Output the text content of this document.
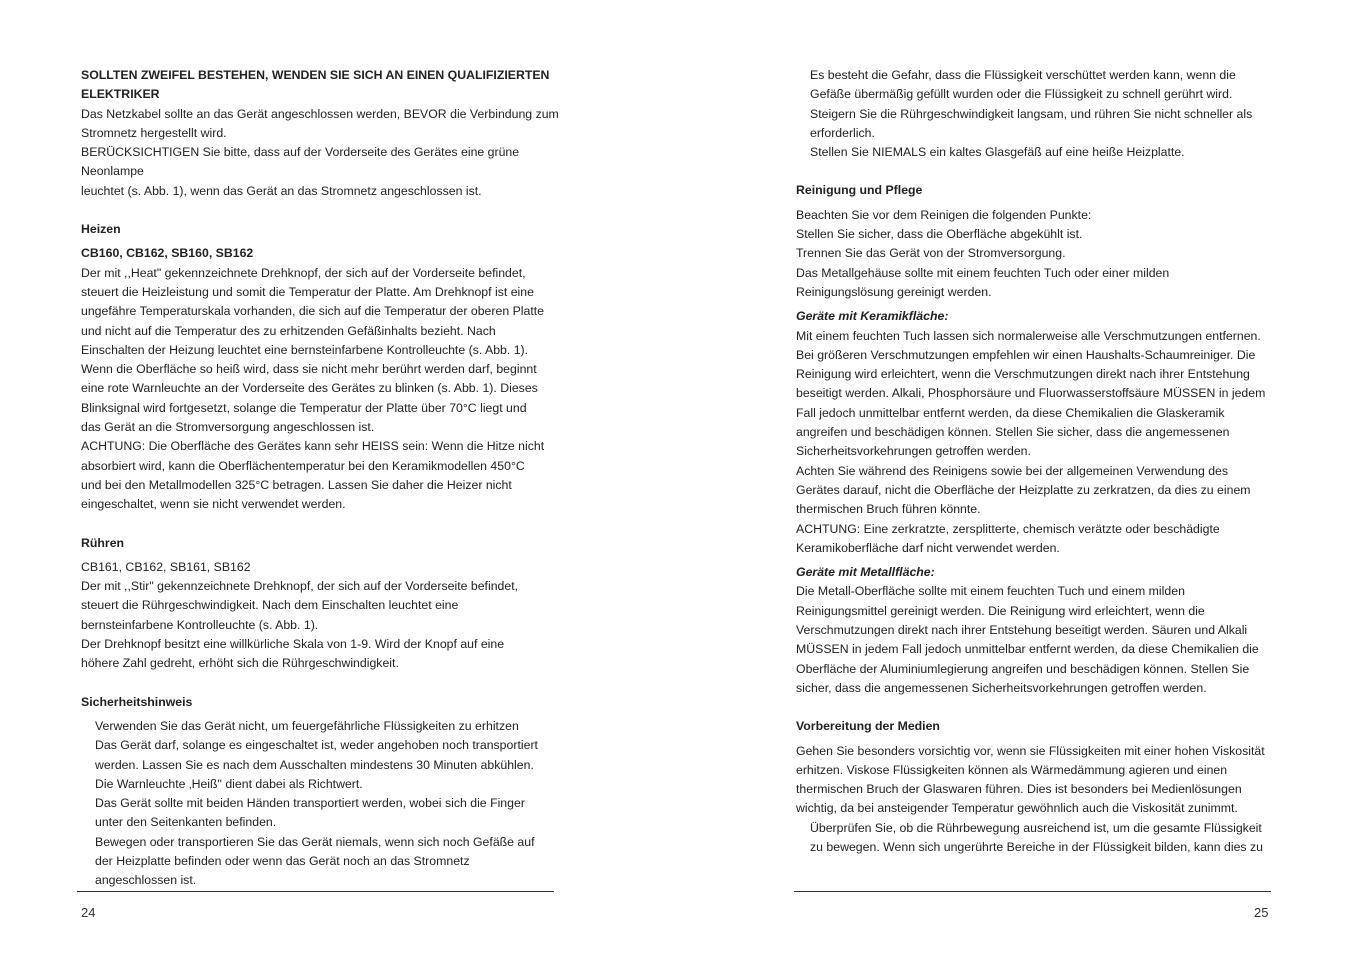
SOLLTEN ZWEIFEL BESTEHEN, WENDEN SIE SICH AN EINEN QUALIFIZIERTEN
ELEKTRIKER
Das Netzkabel sollte an das Gerät angeschlossen werden, BEVOR die Verbindung zum
Stromnetz hergestellt wird.
BERÜCKSICHTIGEN Sie bitte, dass auf der Vorderseite des Gerätes eine grüne Neonlampe
leuchtet (s. Abb. 1), wenn das Gerät an das Stromnetz angeschlossen ist.
Heizen
CB160, CB162, SB160, SB162
Der mit ,,Heat" gekennzeichnete Drehknopf, der sich auf der Vorderseite befindet,
steuert die Heizleistung und somit die Temperatur der Platte. Am Drehknopf ist eine
ungefähre Temperaturskala vorhanden, die sich auf die Temperatur der oberen Platte
und nicht auf die Temperatur des zu erhitzenden Gefäßinhalts bezieht. Nach
Einschalten der Heizung leuchtet eine bernsteinfarbene Kontrolleuchte (s. Abb. 1).
Wenn die Oberfläche so heiß wird, dass sie nicht mehr berührt werden darf, beginnt
eine rote Warnleuchte an der Vorderseite des Gerätes zu blinken (s. Abb. 1). Dieses
Blinksignal wird fortgesetzt, solange die Temperatur der Platte über 70°C liegt und
das Gerät an die Stromversorgung angeschlossen ist.
ACHTUNG: Die Oberfläche des Gerätes kann sehr HEISS sein: Wenn die Hitze nicht
absorbiert wird, kann die Oberflächentemperatur bei den Keramikmodellen 450°C
und bei den Metallmodellen 325°C betragen. Lassen Sie daher die Heizer nicht
eingeschaltet, wenn sie nicht verwendet werden.
Rühren
CB161, CB162, SB161, SB162
Der mit ,,Stir" gekennzeichnete Drehknopf, der sich auf der Vorderseite befindet,
steuert die Rührgeschwindigkeit. Nach dem Einschalten leuchtet eine
bernsteinfarbene Kontrolleuchte (s. Abb. 1).
Der Drehknopf besitzt eine willkürliche Skala von 1-9. Wird der Knopf auf eine
höhere Zahl gedreht, erhöht sich die Rührgeschwindigkeit.
Sicherheitshinweis
Verwenden Sie das Gerät nicht, um feuergefährliche Flüssigkeiten zu erhitzen
Das Gerät darf, solange es eingeschaltet ist, weder angehoben noch transportiert
werden. Lassen Sie es nach dem Ausschalten mindestens 30 Minuten abkühlen.
Die Warnleuchte ‚Heiß" dient dabei als Richtwert.
Das Gerät sollte mit beiden Händen transportiert werden, wobei sich die Finger
unter den Seitenkanten befinden.
Bewegen oder transportieren Sie das Gerät niemals, wenn sich noch Gefäße auf
der Heizplatte befinden oder wenn das Gerät noch an das Stromnetz
angeschlossen ist.
24
Es besteht die Gefahr, dass die Flüssigkeit verschüttet werden kann, wenn die
Gefäße übermäßig gefüllt wurden oder die Flüssigkeit zu schnell gerührt wird.
Steigern Sie die Rührgeschwindigkeit langsam, und rühren Sie nicht schneller als
erforderlich.
Stellen Sie NIEMALS ein kaltes Glasgefäß auf eine heiße Heizplatte.
Reinigung und Pflege
Beachten Sie vor dem Reinigen die folgenden Punkte:
Stellen Sie sicher, dass die Oberfläche abgekühlt ist.
Trennen Sie das Gerät von der Stromversorgung.
Das Metallgehäuse sollte mit einem feuchten Tuch oder einer milden
Reinigungslösung gereinigt werden.
Geräte mit Keramikfläche:
Mit einem feuchten Tuch lassen sich normalerweise alle Verschmutzungen entfernen.
Bei größeren Verschmutzungen empfehlen wir einen Haushalts-Schaumreiniger. Die
Reinigung wird erleichtert, wenn die Verschmutzungen direkt nach ihrer Entstehung
beseitigt werden. Alkali, Phosphorsäure und Fluorwasserstoffsäure MÜSSEN in jedem
Fall jedoch unmittelbar entfernt werden, da diese Chemikalien die Glaskeramik
angreifen und beschädigen können. Stellen Sie sicher, dass die angemessenen
Sicherheitsvorkehrungen getroffen werden.
Achten Sie während des Reinigens sowie bei der allgemeinen Verwendung des
Gerätes darauf, nicht die Oberfläche der Heizplatte zu zerkratzen, da dies zu einem
thermischen Bruch führen könnte.
ACHTUNG: Eine zerkratzte, zersplitterte, chemisch verätzte oder beschädigte
Keramikoberfläche darf nicht verwendet werden.
Geräte mit Metallfläche:
Die Metall-Oberfläche sollte mit einem feuchten Tuch und einem milden
Reinigungsmittel gereinigt werden. Die Reinigung wird erleichtert, wenn die
Verschmutzungen direkt nach ihrer Entstehung beseitigt werden. Säuren und Alkali
MÜSSEN in jedem Fall jedoch unmittelbar entfernt werden, da diese Chemikalien die
Oberfläche der Aluminiumlegierung angreifen und beschädigen können. Stellen Sie
sicher, dass die angemessenen Sicherheitsvorkehrungen getroffen werden.
Vorbereitung der Medien
Gehen Sie besonders vorsichtig vor, wenn sie Flüssigkeiten mit einer hohen Viskosität
erhitzen. Viskose Flüssigkeiten können als Wärmedämmung agieren und einen
thermischen Bruch der Glaswaren führen. Dies ist besonders bei Medienlösungen
wichtig, da bei ansteigender Temperatur gewöhnlich auch die Viskosität zunimmt.
Überprüfen Sie, ob die Rührbewegung ausreichend ist, um die gesamte Flüssigkeit
zu bewegen. Wenn sich ungerührte Bereiche in der Flüssigkeit bilden, kann dies zu
25
